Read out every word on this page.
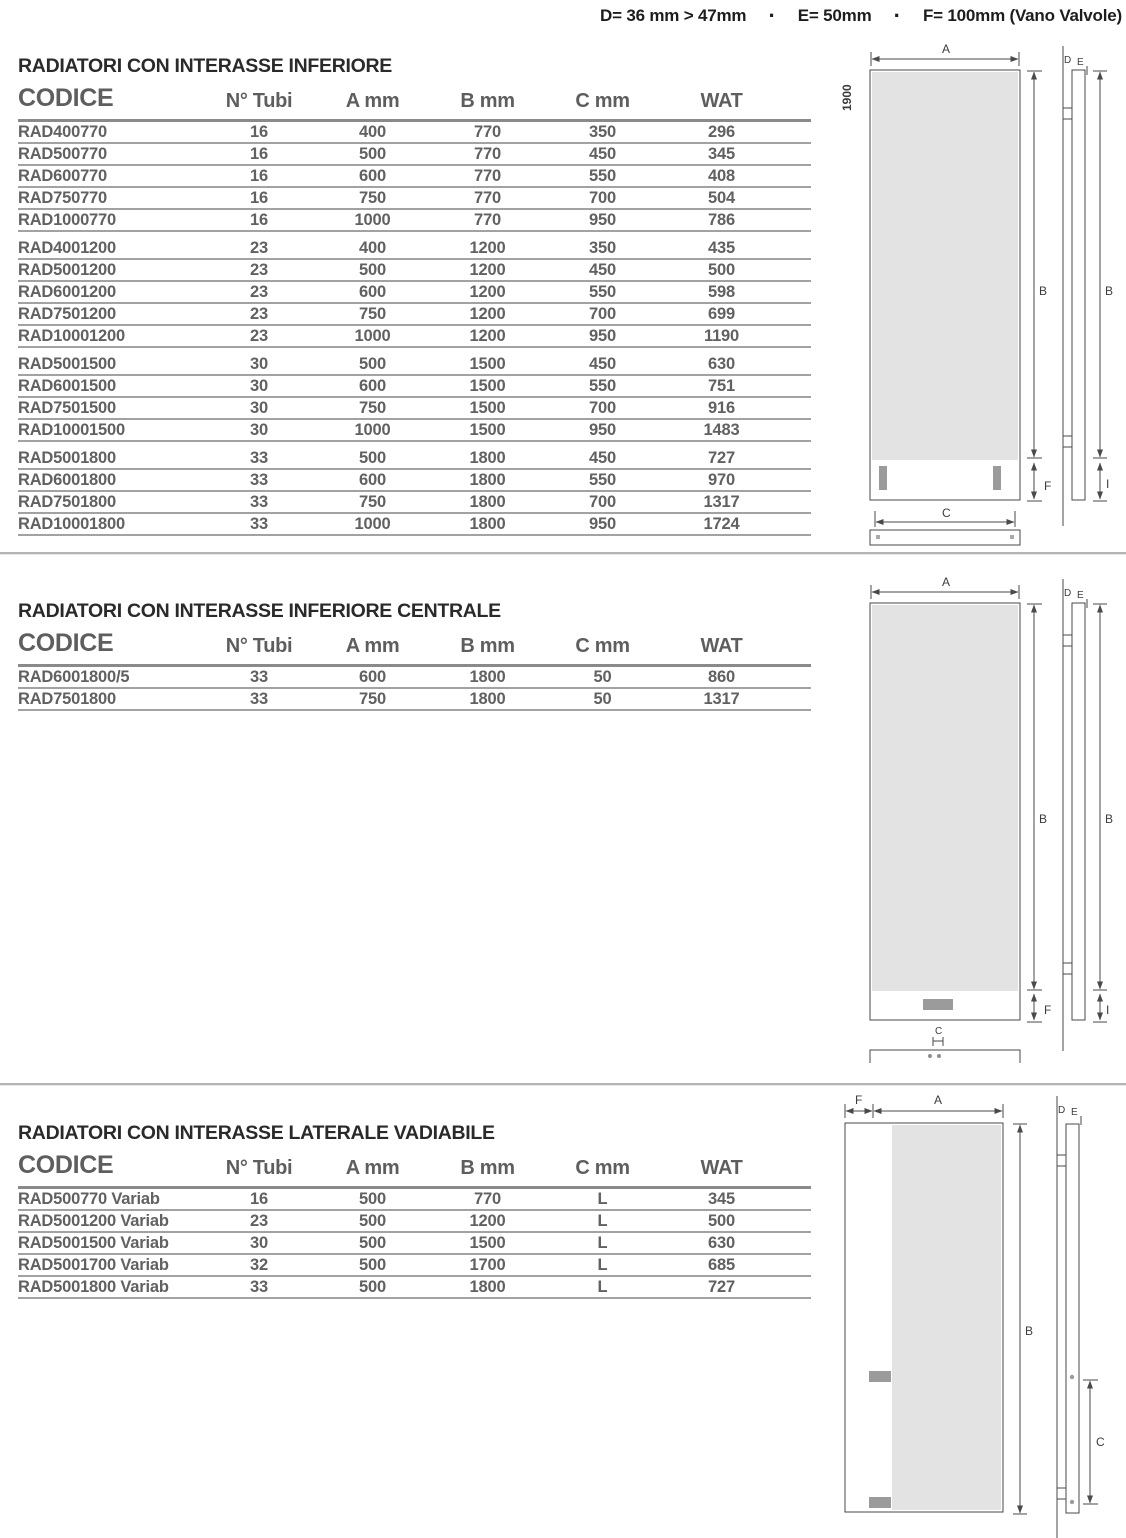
D= 36 mm > 47mm · E= 50mm · F= 100mm (Vano Valvole)
RADIATORI CON INTERASSE INFERIORE
CODICE	N° Tubi	A mm	B mm	C mm	WAT
RAD400770	16	400	770	350	296
RAD500770	16	500	770	450	345
RAD600770	16	600	770	550	408
RAD750770	16	750	770	700	504
RAD1000770	16	1000	770	950	786

RAD4001200	23	400	1200	350	435
RAD5001200	23	500	1200	450	500
RAD6001200	23	600	1200	550	598
RAD7501200	23	750	1200	700	699
RAD10001200	23	1000	1200	950	1190

RAD5001500	30	500	1500	450	630
RAD6001500	30	600	1500	550	751
RAD7501500	30	750	1500	700	916
RAD10001500	30	1000	1500	950	1483

RAD5001800	33	500	1800	450	727
RAD6001800	33	600	1800	550	970
RAD7501800	33	750	1800	700	1317
RAD10001800	33	1000	1800	950	1724
RADIATORI CON INTERASSE INFERIORE CENTRALE
CODICE	N° Tubi	A mm	B mm	C mm	WAT
RAD6001800/5	33	600	1800	50	860
RAD7501800	33	750	1800	50	1317
RADIATORI CON INTERASSE LATERALE VADIABILE
CODICE	N° Tubi	A mm	B mm	C mm	WAT
RAD500770 Variab	16	500	770	L	345
RAD5001200 Variab	23	500	1200	L	500
RAD5001500 Variab	30	500	1500	L	630
RAD5001700 Variab	32	500	1700	L	685
RAD5001800 Variab	33	500	1800	L	727
A
1900
B
F
C
D E
B
I
A
B
F
C
D E
B
I
F	A
B
D E
C
